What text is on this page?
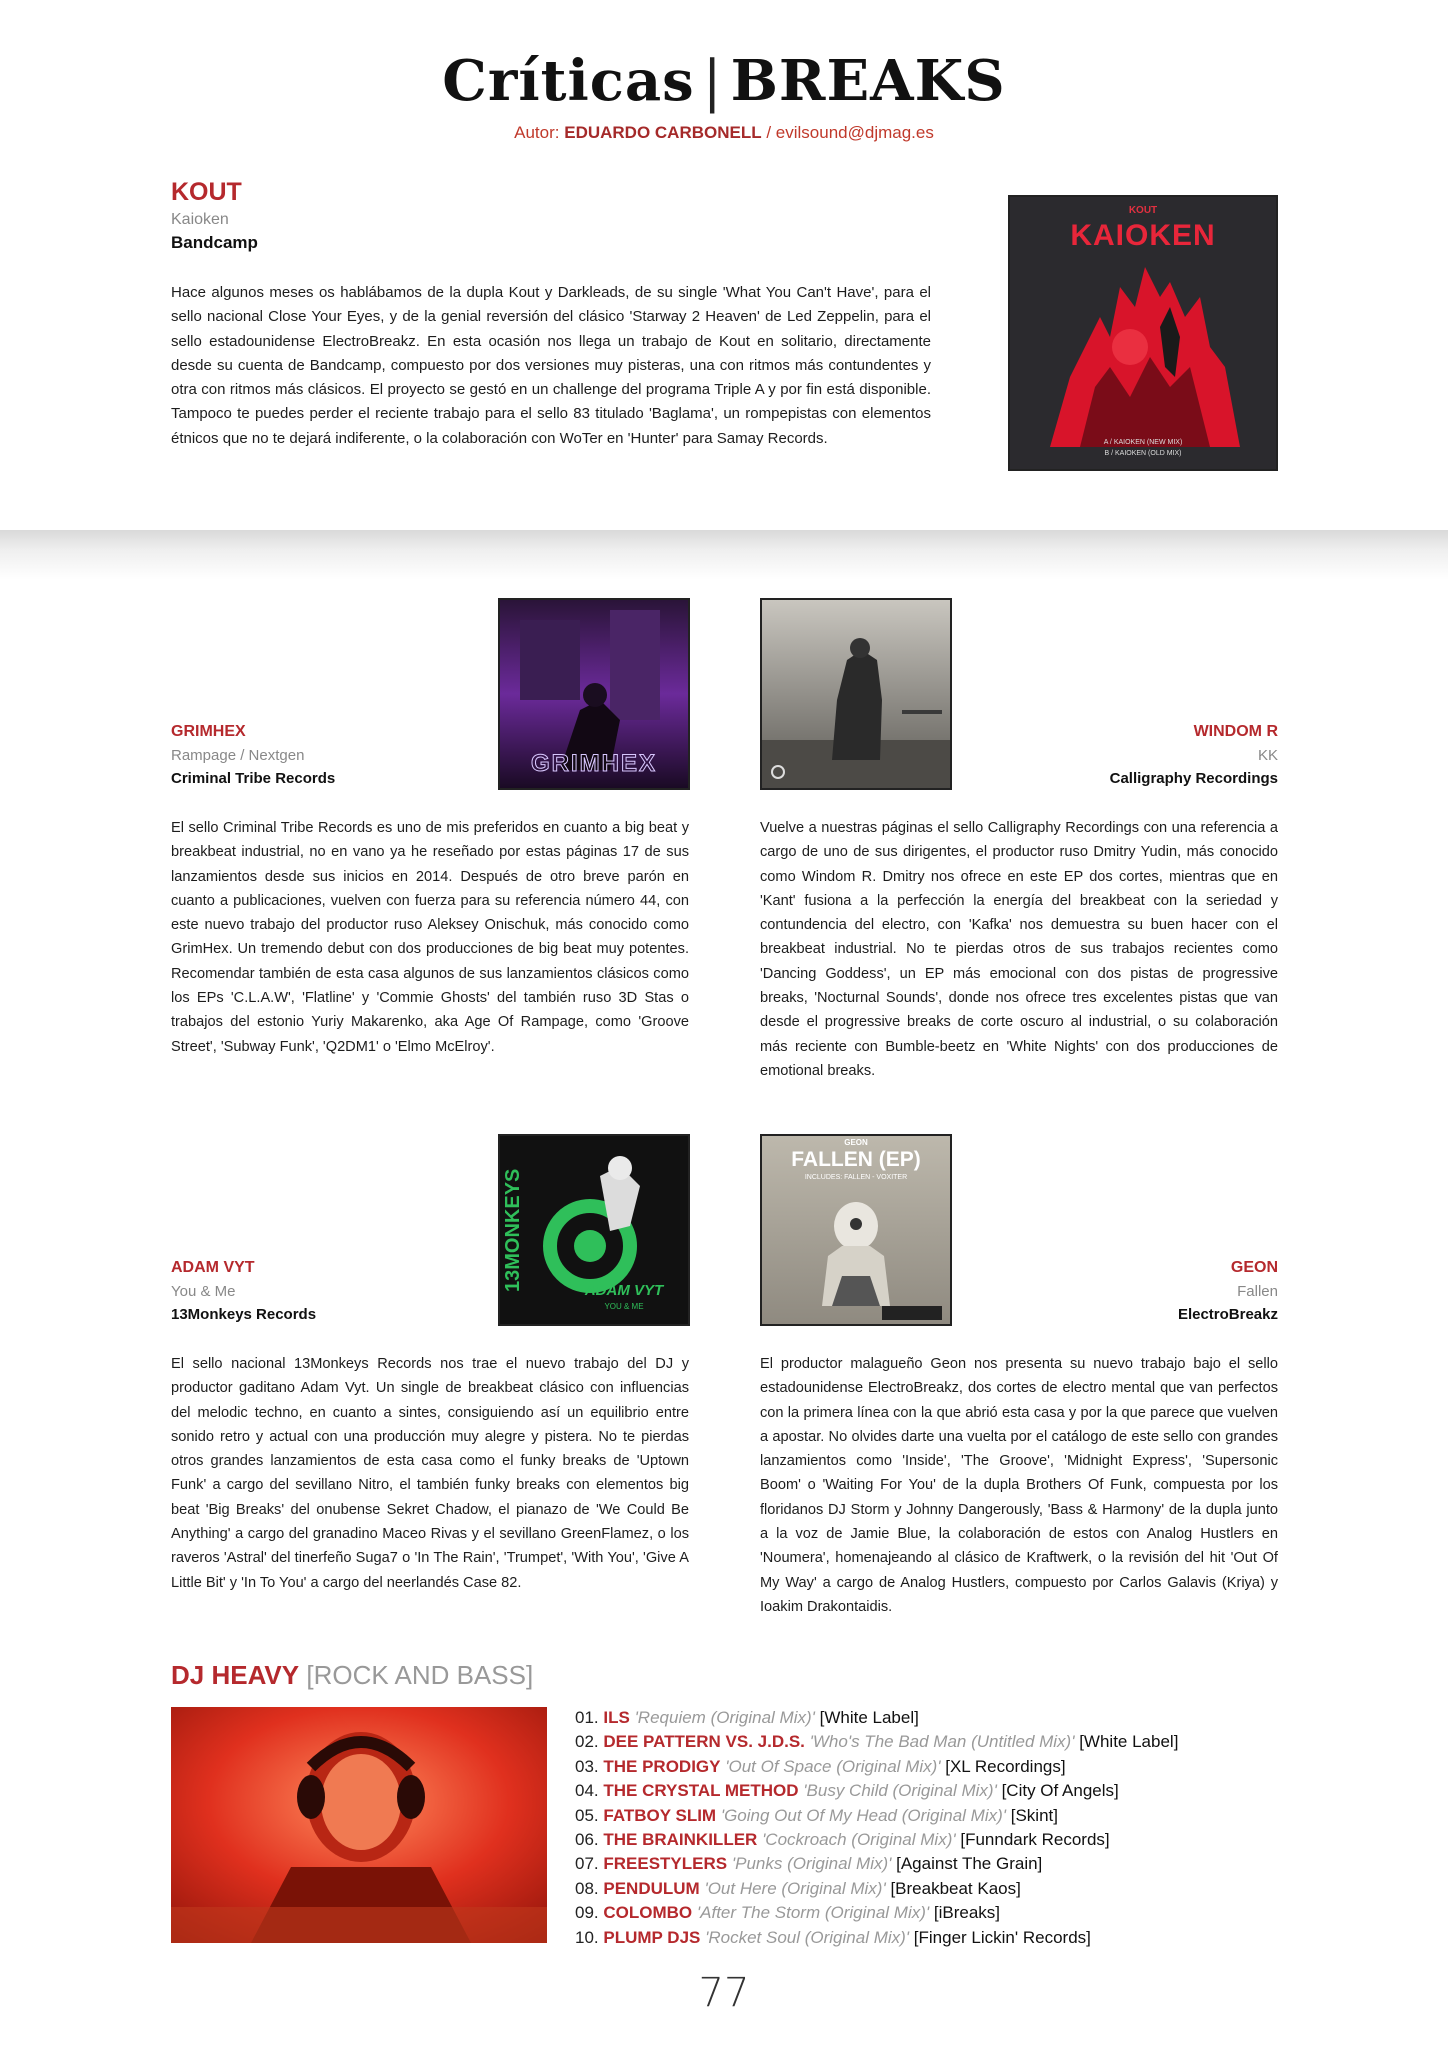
Críticas | BREAKS
Autor: EDUARDO CARBONELL / evilsound@djmag.es
KOUT
Kaioken
Bandcamp
Hace algunos meses os hablábamos de la dupla Kout y Darkleads, de su single 'What You Can't Have', para el sello nacional Close Your Eyes, y de la genial reversión del clásico 'Starway 2 Heaven' de Led Zeppelin, para el sello estadounidense ElectroBreakz. En esta ocasión nos llega un trabajo de Kout en solitario, directamente desde su cuenta de Bandcamp, compuesto por dos versiones muy pisteras, una con ritmos más contundentes y otra con ritmos más clásicos. El proyecto se gestó en un challenge del programa Triple A y por fin está disponible. Tampoco te puedes perder el reciente trabajo para el sello 83 titulado 'Baglama', un rompepistas con elementos étnicos que no te dejará indiferente, o la colaboración con WoTer en 'Hunter' para Samay Records.
KOUT
KAIOKEN
A / KAIOKEN (NEW MIX)
B / KAIOKEN (OLD MIX)
GRIMHEX
GRIMHEX
Rampage / Nextgen
Criminal Tribe Records
El sello Criminal Tribe Records es uno de mis preferidos en cuanto a big beat y breakbeat industrial, no en vano ya he reseñado por estas páginas 17 de sus lanzamientos desde sus inicios en 2014. Después de otro breve parón en cuanto a publicaciones, vuelven con fuerza para su referencia número 44, con este nuevo trabajo del productor ruso Aleksey Onischuk, más conocido como GrimHex. Un tremendo debut con dos producciones de big beat muy potentes. Recomendar también de esta casa algunos de sus lanzamientos clásicos como los EPs 'C.L.A.W', 'Flatline' y 'Commie Ghosts' del también ruso 3D Stas o trabajos del estonio Yuriy Makarenko, aka Age Of Rampage, como 'Groove Street', 'Subway Funk', 'Q2DM1' o 'Elmo McElroy'.
WINDOM R
KK
Calligraphy Recordings
Vuelve a nuestras páginas el sello Calligraphy Recordings con una referencia a cargo de uno de sus dirigentes, el productor ruso Dmitry Yudin, más conocido como Windom R. Dmitry nos ofrece en este EP dos cortes, mientras que en 'Kant' fusiona a la perfección la energía del breakbeat con la seriedad y contundencia del electro, con 'Kafka' nos demuestra su buen hacer con el breakbeat industrial. No te pierdas otros de sus trabajos recientes como 'Dancing Goddess', un EP más emocional con dos pistas de progressive breaks, 'Nocturnal Sounds', donde nos ofrece tres excelentes pistas que van desde el progressive breaks de corte oscuro al industrial, o su colaboración más reciente con Bumble-beetz en 'White Nights' con dos producciones de emotional breaks.
13MONKEYS	ADAM VYT
YOU & ME
ADAM VYT
You & Me
13Monkeys Records
El sello nacional 13Monkeys Records nos trae el nuevo trabajo del DJ y productor gaditano Adam Vyt. Un single de breakbeat clásico con influencias del melodic techno, en cuanto a sintes, consiguiendo así un equilibrio entre sonido retro y actual con una producción muy alegre y pistera. No te pierdas otros grandes lanzamientos de esta casa como el funky breaks de 'Uptown Funk' a cargo del sevillano Nitro, el también funky breaks con elementos big beat 'Big Breaks' del onubense Sekret Chadow, el pianazo de 'We Could Be Anything' a cargo del granadino Maceo Rivas y el sevillano GreenFlamez, o los raveros 'Astral' del tinerfeño Suga7 o 'In The Rain', 'Trumpet', 'With You', 'Give A Little Bit' y 'In To You' a cargo del neerlandés Case 82.
GEON
FALLEN (EP)
INCLUDES: FALLEN - VOXITER
GEON
Fallen
ElectroBreakz
El productor malagueño Geon nos presenta su nuevo trabajo bajo el sello estadounidense ElectroBreakz, dos cortes de electro mental que van perfectos con la primera línea con la que abrió esta casa y por la que parece que vuelven a apostar. No olvides darte una vuelta por el catálogo de este sello con grandes lanzamientos como 'Inside', 'The Groove', 'Midnight Express', 'Supersonic Boom' o 'Waiting For You' de la dupla Brothers Of Funk, compuesta por los floridanos DJ Storm y Johnny Dangerously, 'Bass & Harmony' de la dupla junto a la voz de Jamie Blue, la colaboración de estos con Analog Hustlers en 'Noumera', homenajeando al clásico de Kraftwerk, o la revisión del hit 'Out Of My Way' a cargo de Analog Hustlers, compuesto por Carlos Galavis (Kriya) y Ioakim Drakontaidis.
DJ HEAVY [ROCK AND BASS]
01. ILS 'Requiem (Original Mix)' [White Label]
02. DEE PATTERN VS. J.D.S. 'Who's The Bad Man (Untitled Mix)' [White Label]
03. THE PRODIGY 'Out Of Space (Original Mix)' [XL Recordings]
04. THE CRYSTAL METHOD 'Busy Child (Original Mix)' [City Of Angels]
05. FATBOY SLIM 'Going Out Of My Head (Original Mix)' [Skint]
06. THE BRAINKILLER 'Cockroach (Original Mix)' [Funndark Records]
07. FREESTYLERS 'Punks (Original Mix)' [Against The Grain]
08. PENDULUM 'Out Here (Original Mix)' [Breakbeat Kaos]
09. COLOMBO 'After The Storm (Original Mix)' [iBreaks]
10. PLUMP DJS 'Rocket Soul (Original Mix)' [Finger Lickin' Records]
77
